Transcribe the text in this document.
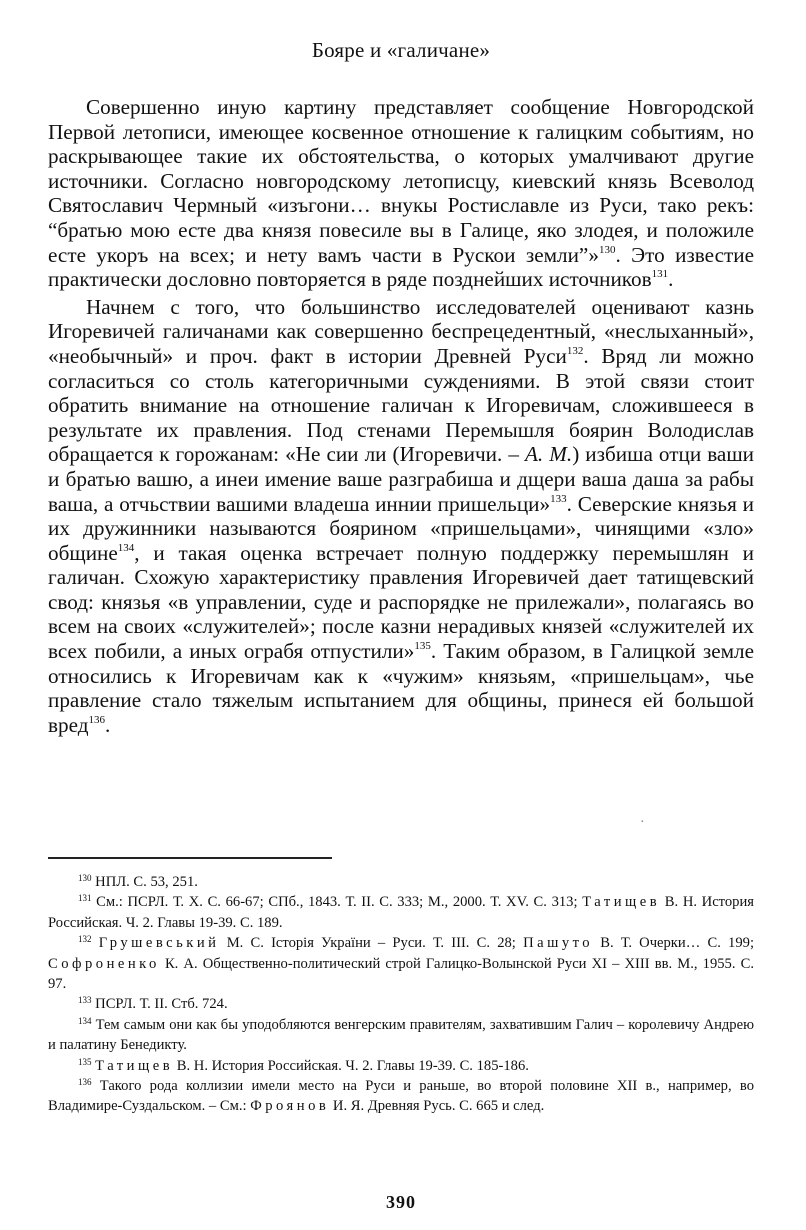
Бояре и «галичане»

Совершенно иную картину представляет сообщение Новгородской Первой летописи, имеющее косвенное отношение к галицким событиям, но раскрывающее такие их обстоятельства, о которых умалчивают другие источники. Согласно новгородскому летописцу, киевский князь Всеволод Святославич Чермный «изъгони… внукы Ростиславле из Руси, тако рекъ: “братью мою есте два князя повесиле вы в Галице, яко злодея, и положиле есте укоръ на всех; и нету вамъ части в Рускои земли”»$^{130}$. Это известие практически дословно повторяется в ряде позднейших источников$^{131}$.

Начнем с того, что большинство исследователей оценивают казнь Игоревичей галичанами как совершенно беспрецедентный, «неслыханный», «необычный» и проч. факт в истории Древней Руси$^{132}$. Вряд ли можно согласиться со столь категоричными суждениями. В этой связи стоит обратить внимание на отношение галичан к Игоревичам, сложившееся в результате их правления. Под стенами Перемышля боярин Володислав обращается к горожанам: «Не сии ли (Игоревичи. – А. М.) избиша отци ваши и братью вашю, а инеи имение ваше разграбиша и дщери ваша даша за рабы ваша, а отчьствии вашими владеша иннии пришельци»$^{133}$. Северские князья и их дружинники называются боярином «пришельцами», чинящими «зло» общине$^{134}$, и такая оценка встречает полную поддержку перемышлян и галичан. Схожую характеристику правления Игоревичей дает татищевский свод: князья «в управлении, суде и распорядке не прилежали», полагаясь во всем на своих «служителей»; после казни нерадивых князей «служителей их всех побили, а иных ограбя отпустили»$^{135}$. Таким образом, в Галицкой земле относились к Игоревичам как к «чужим» князьям, «пришельцам», чье правление стало тяжелым испытанием для общины, принеся ей большой вред$^{136}$.

$^{130}$ НПЛ. С. 53, 251.

$^{131}$ См.: ПСРЛ. Т. Х. С. 66-67; СПб., 1843. Т. II. С. 333; М., 2000. Т. XV. С. 313; Татищев В. Н. История Российская. Ч. 2. Главы 19-39. С. 189.

$^{132}$ Грушевський М. С. Історія України – Руси. Т. III. С. 28; Пашуто В. Т. Очерки… С. 199; Софроненко К. А. Общественно-политический строй Галицко-Волынской Руси XI – XIII вв. М., 1955. С. 97.

$^{133}$ ПСРЛ. Т. II. Стб. 724.

$^{134}$ Тем самым они как бы уподобляются венгерским правителям, захватившим Галич – королевичу Андрею и палатину Бенедикту.

$^{135}$ Татищев В. Н. История Российская. Ч. 2. Главы 19-39. С. 185-186.

$^{136}$ Такого рода коллизии имели место на Руси и раньше, во второй половине XII в., например, во Владимире-Суздальском. – См.: Фроянов И. Я. Древняя Русь. С. 665 и след.

390
·
